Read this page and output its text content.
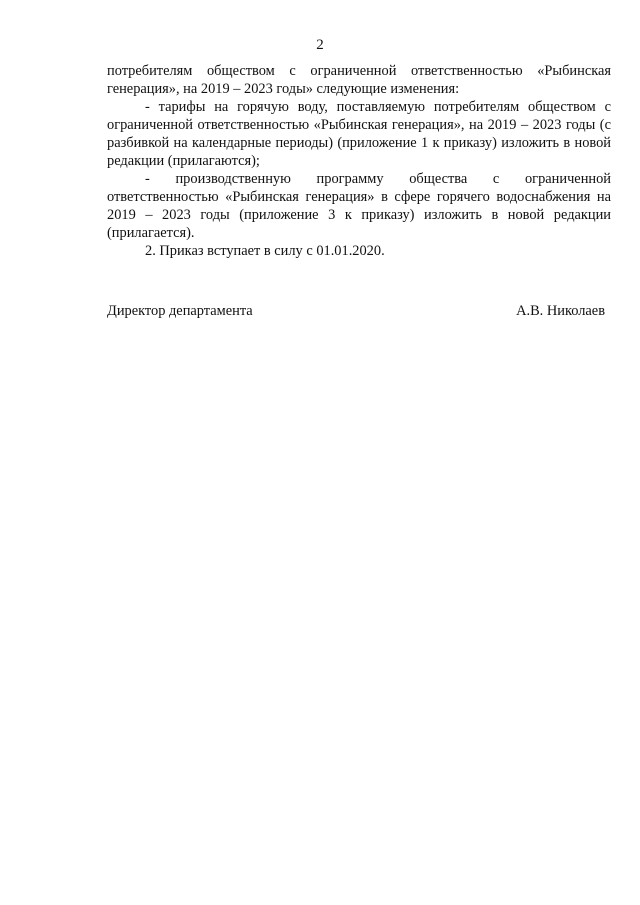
2

потребителям обществом с ограниченной ответственностью «Рыбинская генерация», на 2019 – 2023 годы» следующие изменения:

- тарифы на горячую воду, поставляемую потребителям обществом с ограниченной ответственностью «Рыбинская генерация», на 2019 – 2023 годы (с разбивкой на календарные периоды) (приложение 1 к приказу) изложить в новой редакции (прилагаются);

- производственную программу общества с ограниченной ответственностью «Рыбинская генерация» в сфере горячего водоснабжения на 2019 – 2023 годы (приложение 3 к приказу) изложить в новой редакции (прилагается).

2. Приказ вступает в силу с 01.01.2020.

Директор департамента	А.В. Николаев
